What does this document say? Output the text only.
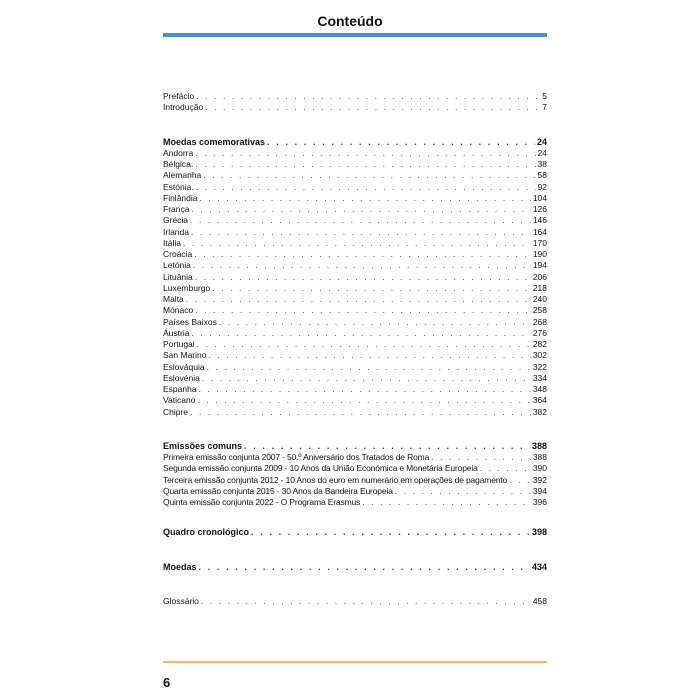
Conteúdo
Prefácio . . .	5
Introdução . . .	7
Moedas comemorativas . . .	24
Andorra . . .	24
Bélgica. . . .	38
Alemanha . . .	58
Estónia. . . .	92
Finlândia . . .	104
França . . .	126
Grécia . . .	146
Irlanda . . .	164
Itália . . .	170
Croácia . . .	190
Letónia . . .	194
Lituânia . . .	206
Luxemburgo . . .	218
Malta . . .	240
Mónaco . . .	258
Países Baixos . . .	268
Áustria . . .	276
Portugal . . .	282
San Marino . . .	302
Eslováquia . . .	322
Eslovénia . . .	334
Espanha . . .	348
Vaticano . . .	364
Chipre . . .	382
Emissões comuns . . .	388
Primeira emissão conjunta 2007 - 50.º Aniversário dos Tratados de Roma . . .	388
Segunda emissão conjunta 2009 - 10 Anos da União Económica e Monetária Europeia . . .	390
Terceira emissão conjunta 2012 - 10 Anos do euro em numerário em operações de pagamento . . .	392
Quarta emissão conjunta 2015 - 30 Anos da Bandeira Europeia . . .	394
Quinta emissão conjunta 2022 - O Programa Erasmus . . .	396
Quadro cronológico . . .	398
Moedas . . .	434
Glossário . . .	458
6
